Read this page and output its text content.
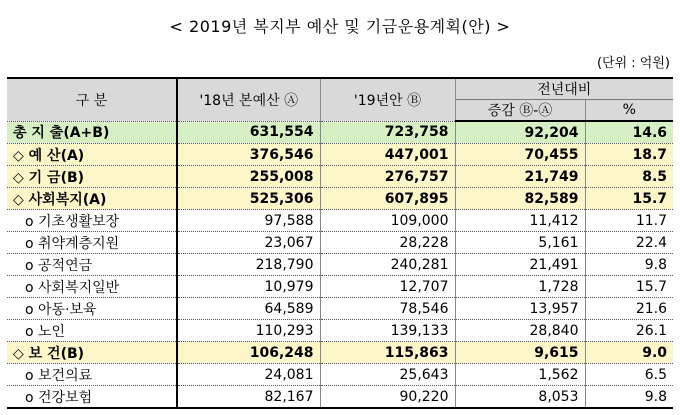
< 2019년 복지부 예산 및 기금운용계획(안) >
(단위 : 억원)
구 분	'18년 본예산 Ⓐ	'19년안 Ⓑ	전년대비	
			증감 Ⓑ-Ⓐ	%
총 지 출(A+B)	631,554	723,758	92,204	14.6
◇ 예 산(A)	376,546	447,001	70,455	18.7
◇ 기 금(B)	255,008	276,757	21,749	8.5
◇ 사회복지(A)	525,306	607,895	82,589	15.7
o 기초생활보장	97,588	109,000	11,412	11.7
o 취약계층지원	23,067	28,228	5,161	22.4
o 공적연금	218,790	240,281	21,491	9.8
o 사회복지일반	10,979	12,707	1,728	15.7
o 아동·보육	64,589	78,546	13,957	21.6
o 노인	110,293	139,133	28,840	26.1
◇ 보 건(B)	106,248	115,863	9,615	9.0
o 보건의료	24,081	25,643	1,562	6.5
o 건강보험	82,167	90,220	8,053	9.8
